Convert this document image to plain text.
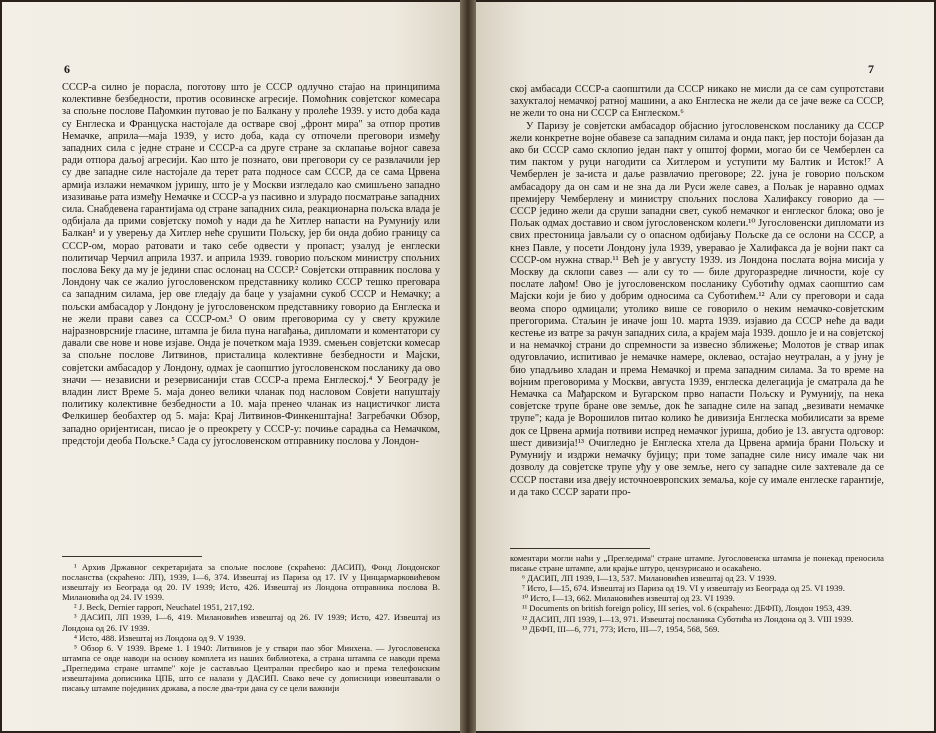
6

СССР-а силно је порасла, поготову што је СССР одлучно стајао на принципима колективне безбедности, против осовинске агресије. Помоћник совјетског комесара за спољне послове Пађомкин путовао је по Балкану у пролеће 1939. у исто доба када су Енглеска и Француска настојале да остваре свој „фронт мира" за отпор против Немачке, априла—маја 1939, у исто доба, када су отпочели преговори између западних сила с једне стране и СССР-а са друге стране за склапање војног савеза ради отпора даљој агресији. Као што је познато, ови преговори су се развлачили јер су две западне силе настојале да терет рата подносе сам СССР, да се сама Црвена армија излажи немачком јуришу, што је у Москви изгледало као смишљено западно изазивање рата између Немачке и СССР-а уз пасивно и злурадо посматрање западних сила. Снабдевена гарантијама од стране западних сила, реакционарна пољска влада је одбијала да прими совјетску помоћ у нади да ће Хитлер напасти на Румунију или Балкан¹ и у уверењу да Хитлер неће срушити Пољску, јер би онда добио границу са СССР-ом, морао ратовати и тако себе одвести у пропаст; узалуд је енглески политичар Черчил априла 1937. и априла 1939. говорио пољском министру спољних послова Беку да му је једини спас ослонац на СССР.² Совјетски отправник послова у Лондону чак се жалио југословенском представнику колико СССР тешко преговара са западним силама, јер ове гледају да баце у узајамни сукоб СССР и Немачку; а пољски амбасадор у Лондону је југословенском представнику говорио да Енглеска и не жели прави савез са СССР-ом.³ О овим преговорима су у свету кружиле најразноврсније гласине, штампа је била пуна нагађања, дипломати и коментатори су давали све нове и нове изјаве. Онда је почетком маја 1939. смењен совјетски комесар за спољне послове Литвинов, присталица колективне безбедности и Мајски, совјетски амбасадор у Лондону, одмах је саопштио југословенском посланику да ово значи — независни и резервисанији став СССР-а према Енглеској.⁴ У Београду је владин лист Време 5. маја донео велики чланак под насловом Совјети напуштају политику колективне безбедности а 10. маја пренео чланак из нацистичког листа Фелкишер беобахтер од 5. маја: Крај Литвинов-Финкенштајна! Загребачки Обзор, западно оријентисан, писао је о преокрету у СССР-у: почиње сарадња са Немачком, предстоји деоба Пољске.⁵ Сада су југословенском отправнику послова у Лондон-

¹ Архив Државног секретаријата за спољне послове (скраћено: ДАСИП), Фонд Лондонског посланства (скраћено: ЛП), 1939, I—6, 374. Извештај из Париза од 17. IV у Цинцармарковићевом извештају из Београда од 20. IV 1939; Исто, 426. Извештај из Лондона отправника послова В. Милановића од 24. IV 1939.

² J. Beck, Dernier rapport, Neuchatel 1951, 217,192.

³ ДАСИП, ЛП 1939, I—6, 419. Милановићев извештај од 26. IV 1939; Исто, 427. Извештај из Лондона од 26. IV 1939.

⁴ Исто, 488. Извештај из Лондона од 9. V 1939.

⁵ Обзор 6. V 1939. Време 1. I 1940: Литвинов је у ствари пао због Минхена. — Југословенска штампа се овде наводи на основу комплета из нашиx библиотека, а страна штампа се наводи према „Прегледима стране штампе" које је састављао Централни пресбиро као и према телефонским извештајима дописника ЦПБ, што се налази у ДАСИП. Свако вече су дописници извештавали о писању штампе појединих држава, а после два-три дана су се цели важнији

7

ској амбасади СССР-а саопштили да СССР никако не мисли да се сам супротстави захукталој немачкој ратној машини, а ако Енглеска не жели да се јаче веже са СССР, не жели то она ни СССР са Енглеском.⁶

У Паризу је совјетски амбасадор објаснио југословенском посланику да СССР жели конкретне војне обавезе са западним силама и онда пакт, јер постоји бојазан да ако би СССР само склопио један пакт у општој форми, могао би се Чемберлен са тим пактом у руци нагодити са Хитлером и уступити му Балтик и Исток!⁷ А Чемберлен је за-иста и даље развлачио преговоре; 22. јуна је говорио пољском амбасадору да он сам и не зна да ли Руси желе савез, а Пољак је наравно одмах премијеру Чемберлену и министру спољних послова Халифаксу говорио да — СССР једино жели да сруши западни свет, сукоб немачког и енглеског блока; ово је Пољак одмах доставио и свом југословенском колеги.¹⁰ Југословенски дипломати из свих престоница јављали су о опасном одбијању Пољске да се ослони на СССР, а кнез Павле, у посети Лондону јула 1939, уверавао је Халифакса да је војни пакт са СССР-ом нужна ствар.¹¹ Већ је у августу 1939. из Лондона послата војна мисија у Москву да склопи савез — али су то — биле другоразредне личности, које су послате лађом! Ово је југословенском посланику Суботићу одмах саопштио сам Мајски који је био у добрим односима са Суботићем.¹² Али су преговори и сада веома споро одмицали; утолико више се говорило о неким немачко-совјетским прегогорима. Стаљин је иначе још 10. марта 1939. изјавио да СССР неће да вади кестење из ватре за рачун западних сила, а крајем маја 1939. дошло је и на совјетској и на немачкој страни до спремности за извесно зближење; Молотов је ствар ипак одуговлачио, испитивао је немачке намере, оклевао, остајао неутралан, а у јуну је био упадљиво хладан и према Немачкој и према западним силама. За то време на војним преговорима у Москви, августа 1939, енглеска делегација је сматрала да ће Немачка са Мађарском и Бугарском прво напасти Пољску и Румунију, па нека совјетске трупе бране ове земље, док ће западне силе на запад „везивати немачке трупе"; када је Ворошилов питао колико ће дивизија Енглеска мобилисати за време док се Црвена армија потвиви испред немачког јуриша, добио је 13. августа одговор: шест дивизија!¹³ Очигледно је Енглеска хтела да Црвена армија брани Пољску и Румунију и издржи немачку бујицу; при томе западне силе нису имале чак ни дозволу да совјетске трупе уђу у ове земље, него су западне силе захтевале да се СССР постави иза двеју источноевропских земаља, које су имале енглеске гарантије, и да тако СССР зарати про-

коментари могли наћи у „Прегледима" стране штампе. Југословенска штампа је понекад преносила писање стране штампе, али крајње штуро, цензурисано и осакаћено.

⁶ ДАСИП, ЛП 1939, I—13, 537. Милановићев извештај од 23. V 1939.

⁷ Исто, I—15, 674. Извештај из Париза од 19. VI у извештају из Београда од 25. VI 1939.

¹⁰ Исто, I—13, 662. Милановићев извештај од 23. VI 1939.

¹¹ Documents on british foreign policy, III series, vol. 6 (скраћено: ДБФП), Лондон 1953, 439.

¹² ДАСИП, ЛП 1939, I—13, 971. Извештај посланика Суботића из Лондона од 3. VIII 1939.

¹³ ДБФП, III—6, 771, 773; Исто, III—7, 1954, 568, 569.
